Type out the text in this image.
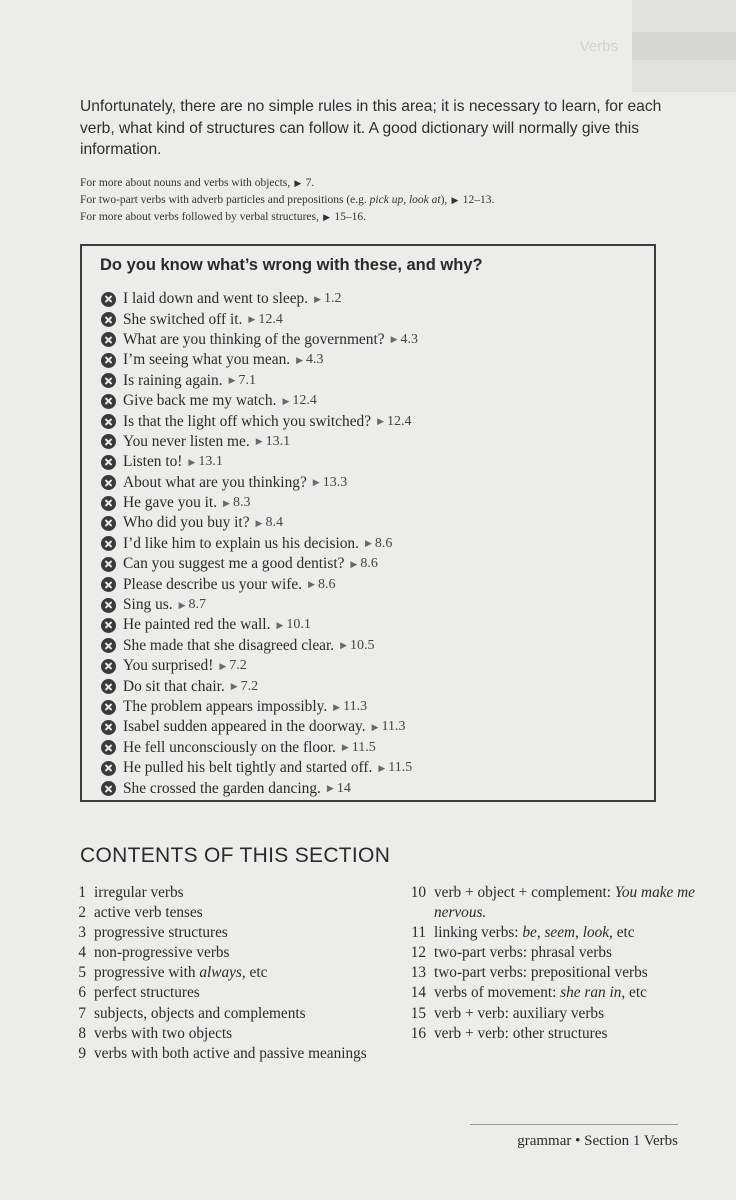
Verbs
Unfortunately, there are no simple rules in this area; it is necessary to learn, for each verb, what kind of structures can follow it. A good dictionary will normally give this information.
For more about nouns and verbs with objects, ▶ 7.
For two-part verbs with adverb particles and prepositions (e.g. pick up, look at), ▶ 12–13.
For more about verbs followed by verbal structures, ▶ 15–16.
Do you know what’s wrong with these, and why?
I laid down and went to sleep. ▶ 1.2
She switched off it. ▶ 12.4
What are you thinking of the government? ▶ 4.3
I’m seeing what you mean. ▶ 4.3
Is raining again. ▶ 7.1
Give back me my watch. ▶ 12.4
Is that the light off which you switched? ▶ 12.4
You never listen me. ▶ 13.1
Listen to! ▶ 13.1
About what are you thinking? ▶ 13.3
He gave you it. ▶ 8.3
Who did you buy it? ▶ 8.4
I’d like him to explain us his decision. ▶ 8.6
Can you suggest me a good dentist? ▶ 8.6
Please describe us your wife. ▶ 8.6
Sing us. ▶ 8.7
He painted red the wall. ▶ 10.1
She made that she disagreed clear. ▶ 10.5
You surprised! ▶ 7.2
Do sit that chair. ▶ 7.2
The problem appears impossibly. ▶ 11.3
Isabel sudden appeared in the doorway. ▶ 11.3
He fell unconsciously on the floor. ▶ 11.5
He pulled his belt tightly and started off. ▶ 11.5
She crossed the garden dancing. ▶ 14
CONTENTS OF THIS SECTION
1 irregular verbs
2 active verb tenses
3 progressive structures
4 non-progressive verbs
5 progressive with always, etc
6 perfect structures
7 subjects, objects and complements
8 verbs with two objects
9 verbs with both active and passive meanings
10 verb + object + complement: You make me nervous.
11 linking verbs: be, seem, look, etc
12 two-part verbs: phrasal verbs
13 two-part verbs: prepositional verbs
14 verbs of movement: she ran in, etc
15 verb + verb: auxiliary verbs
16 verb + verb: other structures
grammar • Section 1 Verbs
